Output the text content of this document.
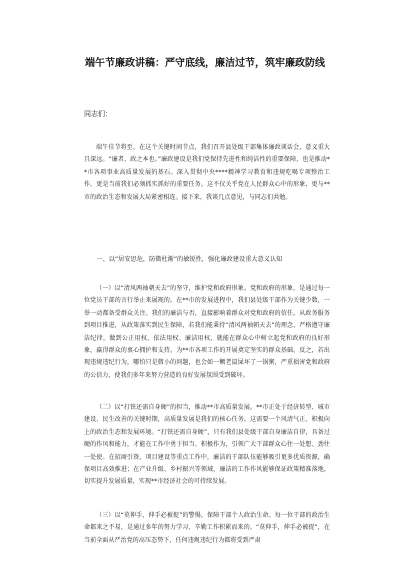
端午节廉政讲稿：严守底线，廉洁过节，筑牢廉政防线
同志们：
端午佳节将至，在这个关键时间节点，我们召开县处级干部集体廉政谈话会，意义重大且深远。“廉者，政之本也。”廉政建设是我们党保持先进性和纯洁性的重要保障，也是推动**市各项事业高质量发展的基石。深入贯彻中央****精神学习教育和违规吃喝专项整治工作，更是当前我们必须抓实抓好的重要任务。这不仅关乎党在人民群众心中的形象，更与**市的政治生态和发展大局紧密相连。接下来，我谈几点意见，与同志们共勉。
一、以“居安思危，防微杜渐”的敏锐性，强化廉政建设重大意义认知
（一）以“清风两袖朝天去”的坚守，维护党和政府形象。党和政府的形象，是通过每一位党员干部的言行举止来展现的。在**市的发展进程中，我们县处级干部作为关键少数，一举一动都备受群众关注。我们的廉洁与否，直接影响着群众对党和政府的信任。从政务服务到项目推进，从政策落实到民生保障，若我们能秉持“清风两袖朝天去”的理念，严格遵守廉洁纪律，做到公正用权、依法用权、廉洁用权，就能在群众心中树立起党和政府的良好形象，赢得群众的衷心拥护和支持。为**市各项工作的开展奠定坚实的群众基础。反之，若出现违规违纪行为，哪怕只是微小的问题，也会如一颗老鼠屎坏了一锅粥，严重损害党和政府的公信力，使我们多年来努力营造的良好发展氛围受到破坏。
（二）以“打铁还需自身硬”的担当，推动**市高质量发展。**市正处于经济转型、城市建设、民生改善的关键时期，高质量发展是我们的核心任务。这需要一个风清气正、积极向上的政治生态和发展环境。“打铁还需自身硬”，只有我们县处级干部自身廉洁自律，具备过硬的作风和能力，才能在工作中勇于担当、积极作为，引领广大干部群众心往一处想、劲往一处使。在招商引资、项目建设等重点工作中，廉洁的干部队伍能够吸引更多优质资源，确保项目高效推进；在产业升级、乡村振兴等领域，廉洁的工作作风能够保证政策精准落地，切实提升发展质量，实现**市经济社会的可持续发展。
（三）以“莫伸手，伸手必被捉”的警惕，保障干部个人政治生命。每一位干部的政治生命都来之不易，是通过多年的努力学习、辛勤工作积累而来的。“莫伸手，伸手必被捉”，在当前全面从严治党的高压态势下，任何违规违纪行为都将受到严肃
